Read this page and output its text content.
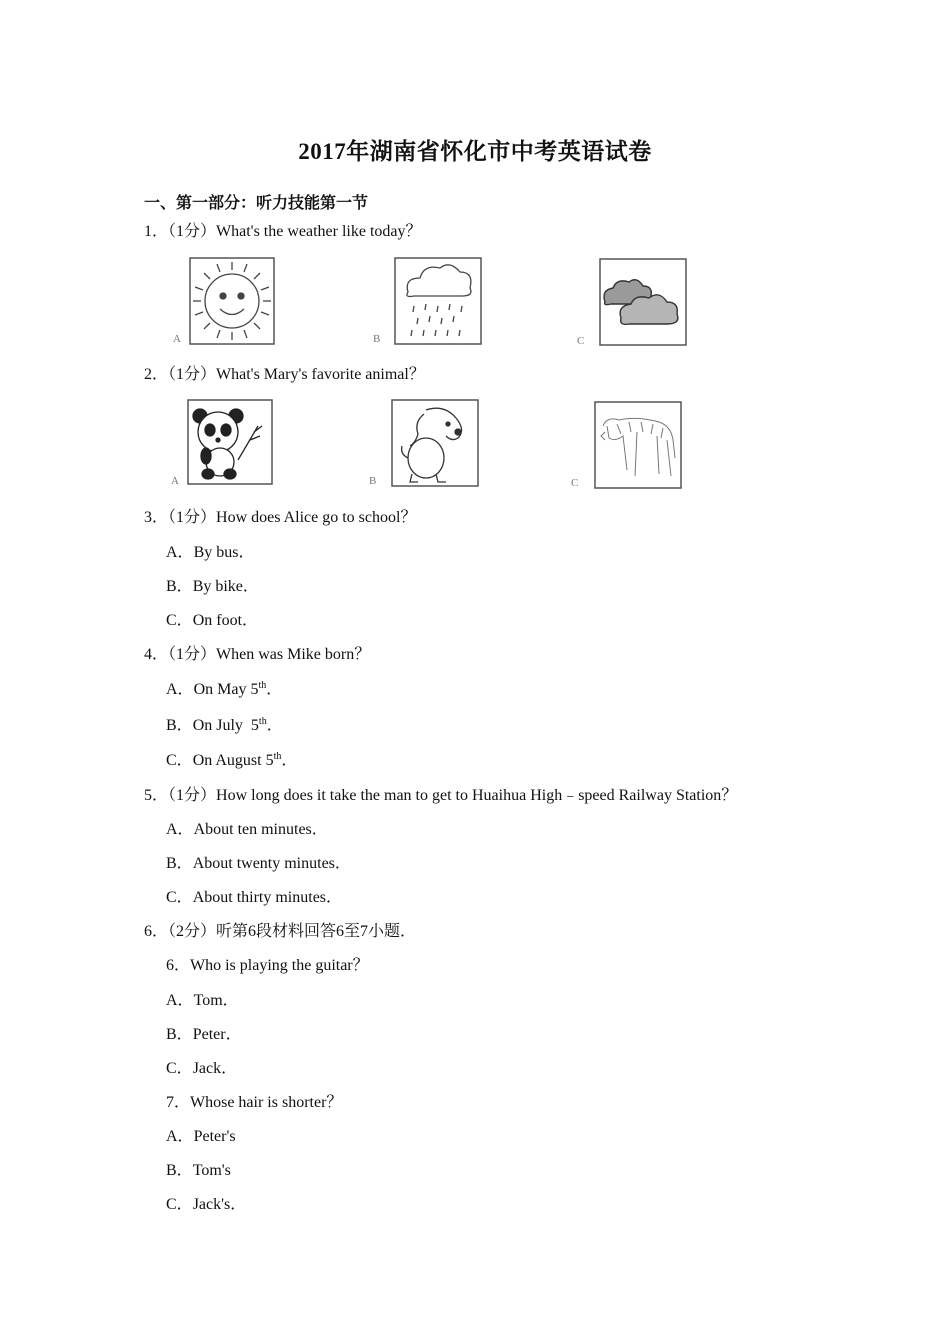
2017年湖南省怀化市中考英语试卷
一、第一部分：听力技能第一节
1．（1分）What's the weather like today？
A	B	C
2．（1分）What's Mary's favorite animal？
A	B	C
3．（1分）How does Alice go to school？
A．By bus．
B．By bike．
C．On foot．
4．（1分）When was Mike born？
A．On May 5th．
B．On July  5th．
C．On August 5th．
5．（1分）How long does it take the man to get to Huaihua High﹣speed Railway Station？
A．About ten minutes．
B．About twenty minutes．
C．About thirty minutes．
6．（2分）听第6段材料回答6至7小题．
6．Who is playing the guitar？
A．Tom．
B．Peter．
C．Jack．
7．Whose hair is shorter？
A．Peter's
B．Tom's
C．Jack's．
